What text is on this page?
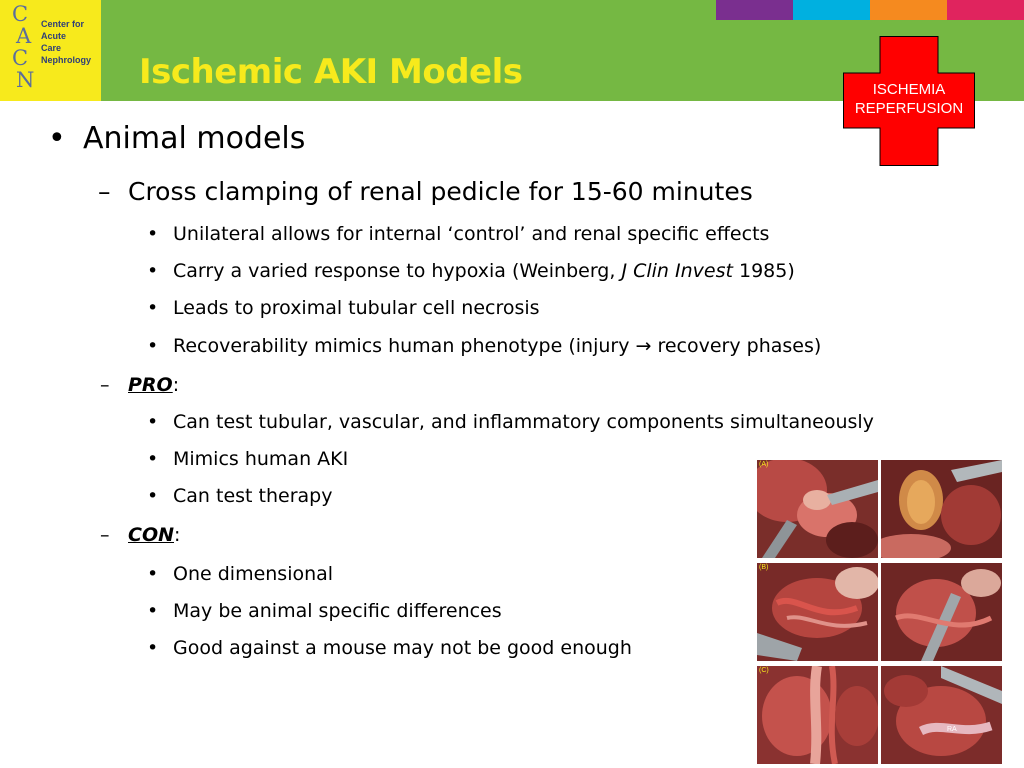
C
A
C
N
Center for
Acute
Care
Nephrology Ischemic AKI Models	ISCHEMIA
REPERFUSION
• Animal models
– Cross clamping of renal pedicle for 15-60 minutes
• Unilateral allows for internal ‘control’ and renal specific effects
• Carry a varied response to hypoxia (Weinberg, J Clin Invest 1985)
• Leads to proximal tubular cell necrosis
• Recoverability mimics human phenotype (injury → recovery phases)
– PRO:
• Can test tubular, vascular, and inflammatory components simultaneously
• Mimics human AKI
• Can test therapy
– CON:
• One dimensional
• May be animal specific differences
• Good against a mouse may not be good enough
(A)
(B)
(C)
RA
